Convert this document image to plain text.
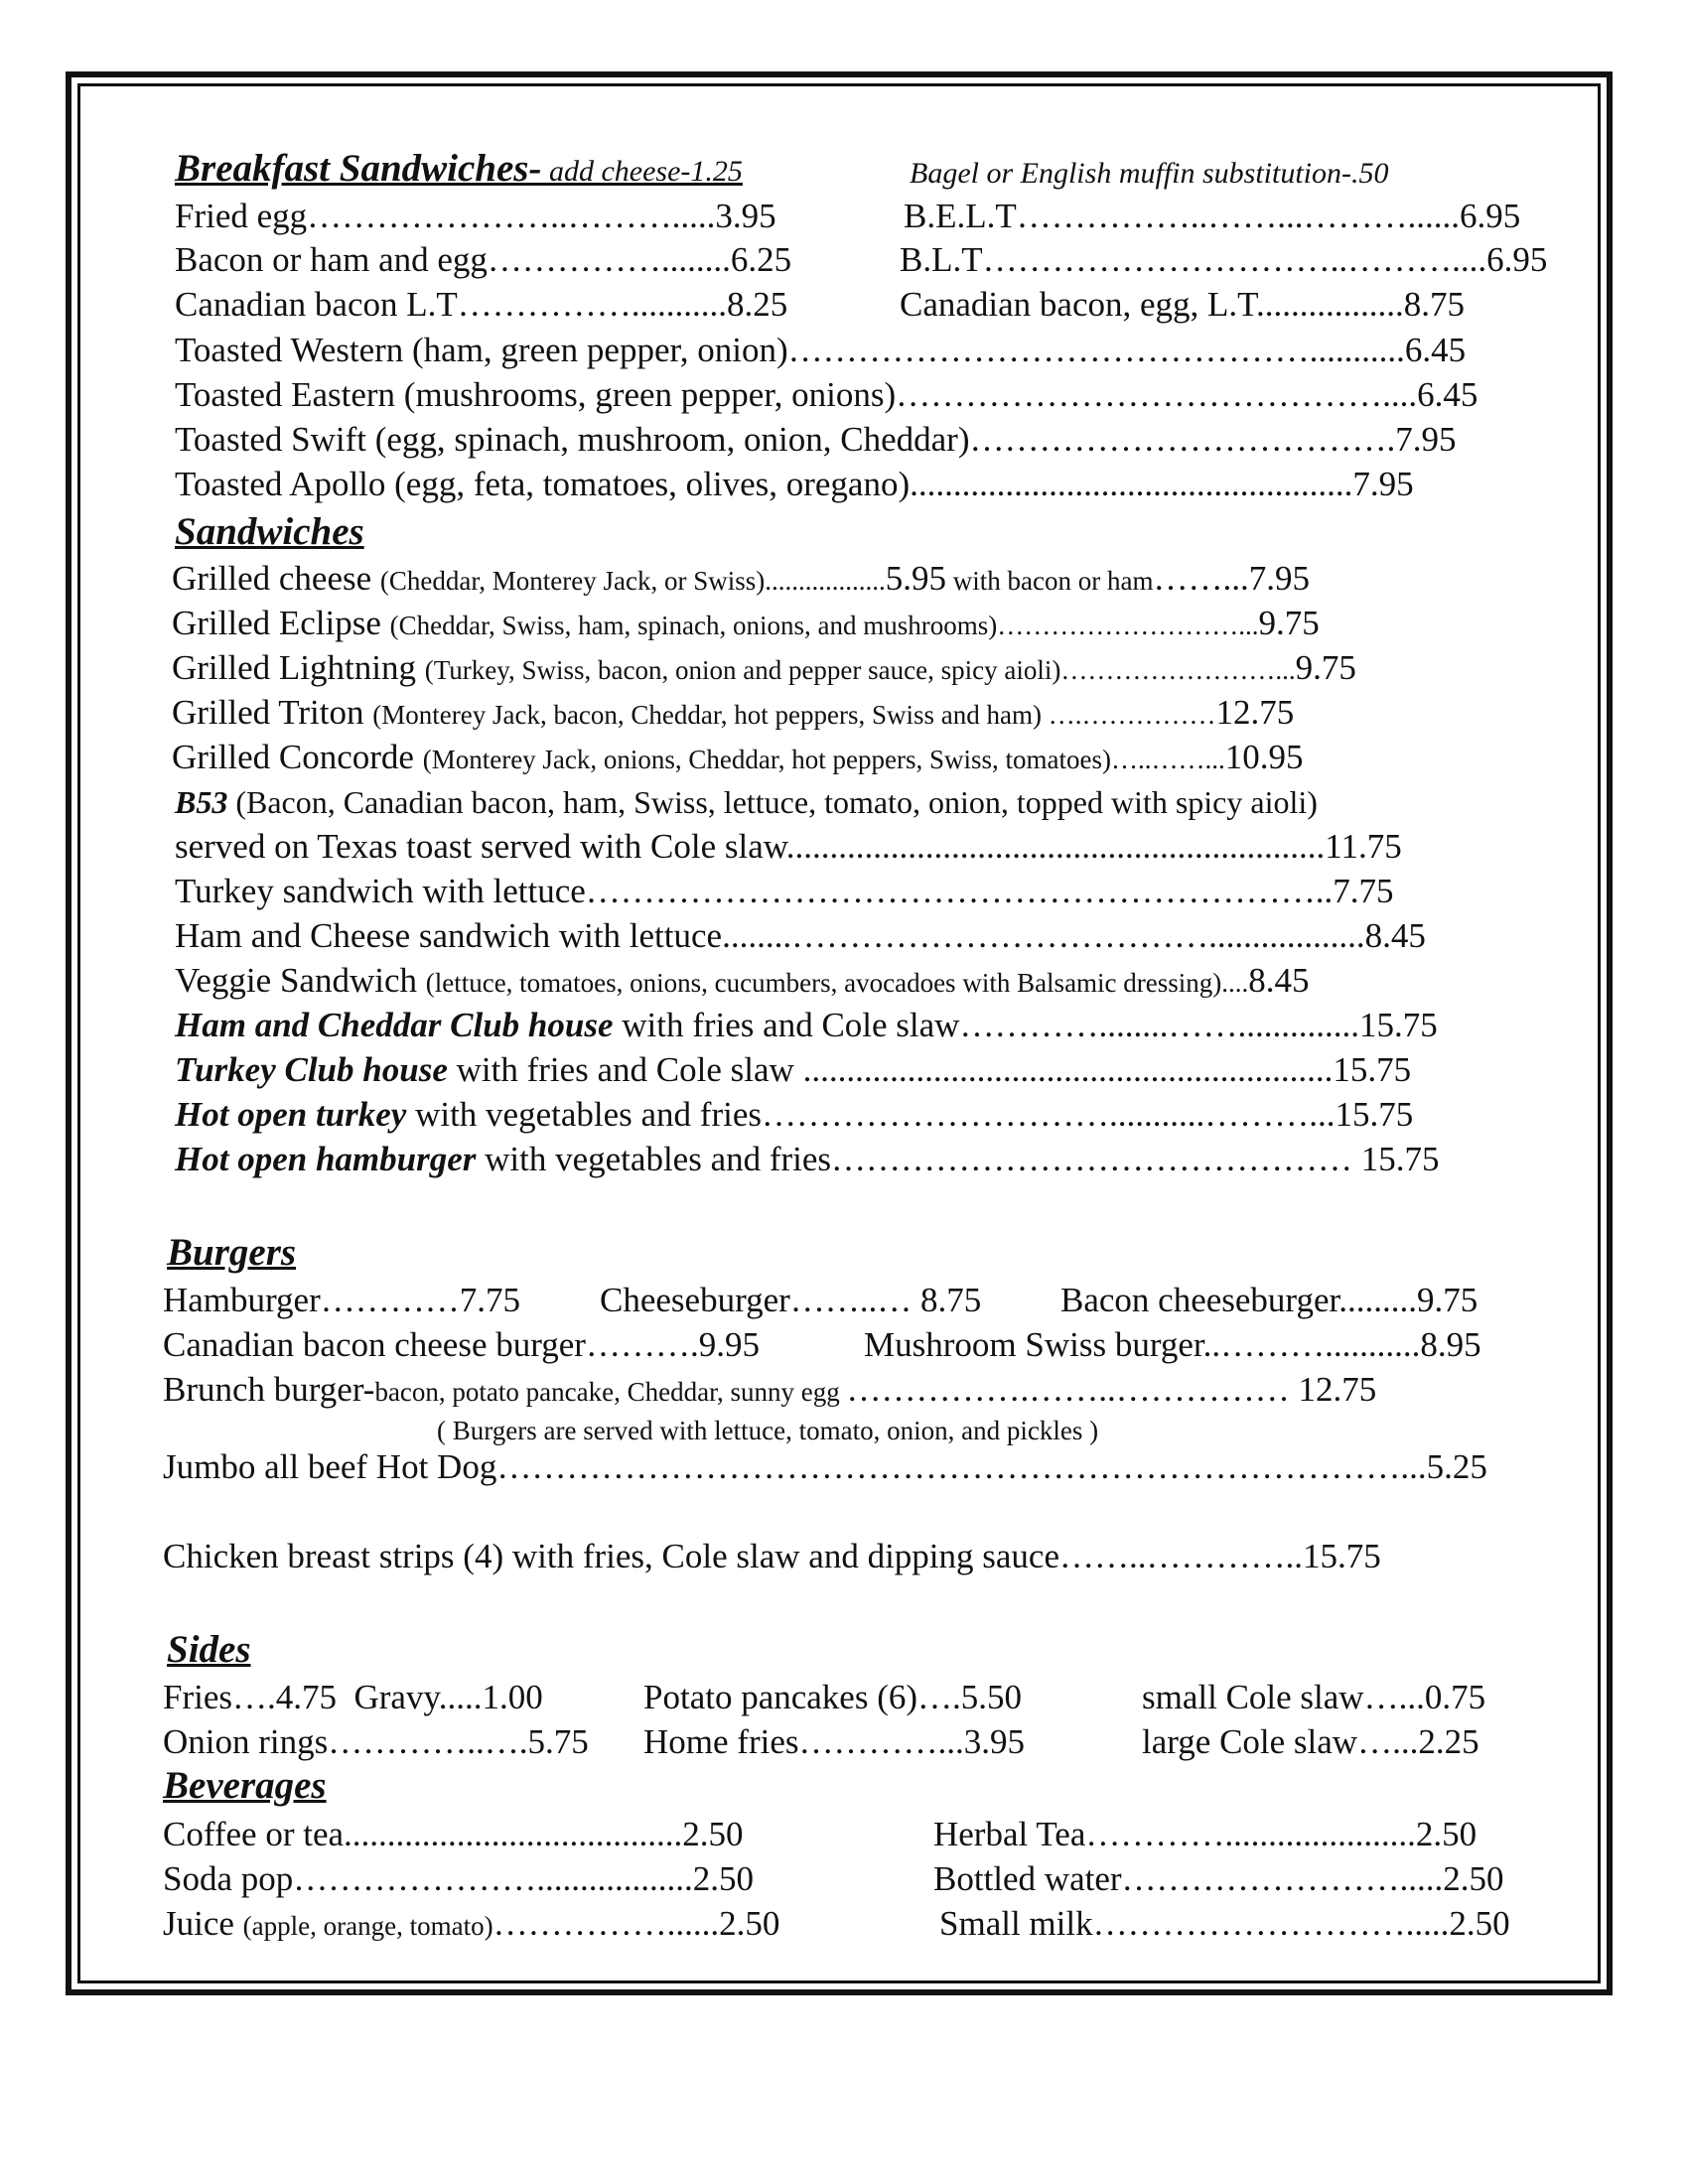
Breakfast Sandwiches- add cheese-1.25	Bagel or English muffin substitution-.50
Fried egg…………………..……….....3.95	B.E.L.T……………..……...………......6.95
Bacon or ham and egg……………........6.25	B.L.T…………………………..………....6.95
Canadian bacon L.T……………...........8.25	Canadian bacon, egg, L.T.................8.75
Toasted Western (ham, green pepper, onion)………………………………………...........6.45
Toasted Eastern (mushrooms, green pepper, onions)……………………………………....6.45
Toasted Swift (egg, spinach, mushroom, onion, Cheddar)……………………………….7.95
Toasted Apollo (egg, feta, tomatoes, olives, oregano)...................................................7.95
Sandwiches
Grilled cheese (Cheddar, Monterey Jack, or Swiss)..................5.95 with bacon or ham……...7.95
Grilled Eclipse (Cheddar, Swiss, ham, spinach, onions, and mushrooms)………………………...9.75
Grilled Lightning (Turkey, Swiss, bacon, onion and pepper sauce, spicy aioli)……………………...9.75
Grilled Triton (Monterey Jack, bacon, Cheddar, hot peppers, Swiss and ham) ….……………12.75
Grilled Concorde (Monterey Jack, onions, Cheddar, hot peppers, Swiss, tomatoes)…..……...10.95
B53 (Bacon, Canadian bacon, ham, Swiss, lettuce, tomato, onion, topped with spicy aioli)
served on Texas toast served with Cole slaw..............................................................11.75
Turkey sandwich with lettuce………………………………………………………..7.75
Ham and Cheese sandwich with lettuce........………………………………..................8.45
Veggie Sandwich (lettuce, tomatoes, onions, cucumbers, avocadoes with Balsamic dressing)....8.45
Ham and Cheddar Club house with fries and Cole slaw…………........……..............15.75
Turkey Club house with fries and Cole slaw .............................................................15.75
Hot open turkey with vegetables and fries…………………………...........………...15.75
Hot open hamburger with vegetables and fries……………………………………… 15.75
Burgers
Hamburger…………7.75 Cheeseburger……..… 8.75 Bacon cheeseburger.........9.75
Canadian bacon cheese burger……….9.95	Mushroom Swiss burger..………...........8.95
Brunch burger-bacon, potato pancake, Cheddar, sunny egg …………….……..…………… 12.75
( Burgers are served with lettuce, tomato, onion, and pickles )
Jumbo all beef Hot Dog……………………………………………………………………...5.25
Chicken breast strips (4) with fries, Cole slaw and dipping sauce……..…………..15.75
Sides
Fries….4.75  Gravy.....1.00	Potato pancakes (6)….5.50	small Cole slaw…...0.75
Onion rings…………..….5.75 Home fries…………...3.95	large Cole slaw…...2.25
Beverages
Coffee or tea.......................................2.50	Herbal Tea…………......................2.50
Soda pop…………………..................2.50	Bottled water…………………….....2.50
Juice (apple, orange, tomato)……………......2.50	Small milk……………………….....2.50
